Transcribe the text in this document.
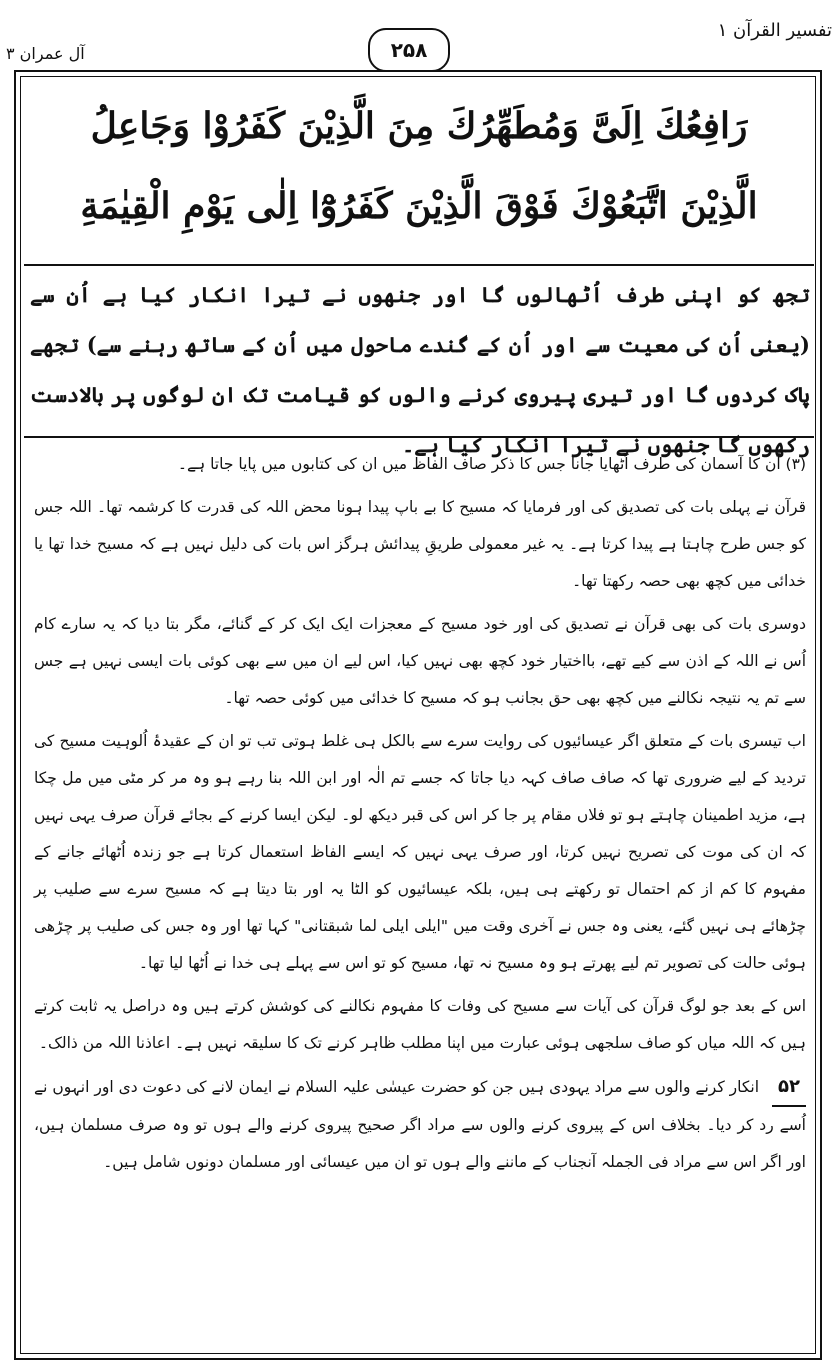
آل عمران ۳	۲۵۸
تفسیر القرآن ۱
رَافِعُكَ اِلَیَّ وَمُطَهِّرُكَ مِنَ الَّذِیْنَ كَفَرُوْا وَجَاعِلُ
الَّذِیْنَ اتَّبَعُوْكَ فَوْقَ الَّذِیْنَ كَفَرُوْٓا اِلٰی یَوْمِ الْقِیٰمَةِ
تجھ کو اپنی طرف اُٹھالوں گا اور جنھوں نے تیرا انکار کیا ہے اُن سے (یعنی اُن کی معیت سے اور اُن کے گندے ماحول میں اُن کے ساتھ رہنے سے) تجھے پاک کردوں گا اور تیری پیروی کرنے والوں کو قیامت تک ان لوگوں پر بالادست رکھوں گا جنھوں نے تیرا انکار کیا ہے۔

(۳) اُن کا آسمان کی طرف اُٹھایا جانا جس کا ذکر صاف الفاظ میں ان کی کتابوں میں پایا جاتا ہے۔

قرآن نے پہلی بات کی تصدیق کی اور فرمایا کہ مسیح کا بے باپ پیدا ہونا محض اللہ کی قدرت کا کرشمہ تھا۔ اللہ جس کو جس طرح چاہتا ہے پیدا کرتا ہے۔ یہ غیر معمولی طریقِ پیدائش ہرگز اس بات کی دلیل نہیں ہے کہ مسیح خدا تھا یا خدائی میں کچھ بھی حصہ رکھتا تھا۔

دوسری بات کی بھی قرآن نے تصدیق کی اور خود مسیح کے معجزات ایک ایک کر کے گنائے، مگر بتا دیا کہ یہ سارے کام اُس نے اللہ کے اذن سے کیے تھے، بااختیار خود کچھ بھی نہیں کیا، اس لیے ان میں سے بھی کوئی بات ایسی نہیں ہے جس سے تم یہ نتیجہ نکالنے میں کچھ بھی حق بجانب ہو کہ مسیح کا خدائی میں کوئی حصہ تھا۔

اب تیسری بات کے متعلق اگر عیسائیوں کی روایت سرے سے بالکل ہی غلط ہوتی تب تو ان کے عقیدۂ اُلوہیت مسیح کی تردید کے لیے ضروری تھا کہ صاف صاف کہہ دیا جاتا کہ جسے تم الٰہ اور ابن اللہ بنا رہے ہو وہ مر کر مٹی میں مل چکا ہے، مزید اطمینان چاہتے ہو تو فلاں مقام پر جا کر اس کی قبر دیکھ لو۔ لیکن ایسا کرنے کے بجائے قرآن صرف یہی نہیں کہ ان کی موت کی تصریح نہیں کرتا، اور صرف یہی نہیں کہ ایسے الفاظ استعمال کرتا ہے جو زندہ اُٹھائے جانے کے مفہوم کا کم از کم احتمال تو رکھتے ہی ہیں، بلکہ عیسائیوں کو الٹا یہ اور بتا دیتا ہے کہ مسیح سرے سے صلیب پر چڑھائے ہی نہیں گئے، یعنی وہ جس نے آخری وقت میں "ایلی ایلی لما شبقتانی" کہا تھا اور وہ جس کی صلیب پر چڑھی ہوئی حالت کی تصویر تم لیے پھرتے ہو وہ مسیح نہ تھا، مسیح کو تو اس سے پہلے ہی خدا نے اُٹھا لیا تھا۔

اس کے بعد جو لوگ قرآن کی آیات سے مسیح کی وفات کا مفہوم نکالنے کی کوشش کرتے ہیں وہ دراصل یہ ثابت کرتے ہیں کہ اللہ میاں کو صاف سلجھی ہوئی عبارت میں اپنا مطلب ظاہر کرنے تک کا سلیقہ نہیں ہے۔ اعاذنا اللہ من ذالک۔

۵۲ انکار کرنے والوں سے مراد یہودی ہیں جن کو حضرت عیسٰی علیہ السلام نے ایمان لانے کی دعوت دی اور انہوں نے اُسے رد کر دیا۔ بخلاف اس کے پیروی کرنے والوں سے مراد اگر صحیح پیروی کرنے والے ہوں تو وہ صرف مسلمان ہیں، اور اگر اس سے مراد فی الجملہ آنجناب کے ماننے والے ہوں تو ان میں عیسائی اور مسلمان دونوں شامل ہیں۔
